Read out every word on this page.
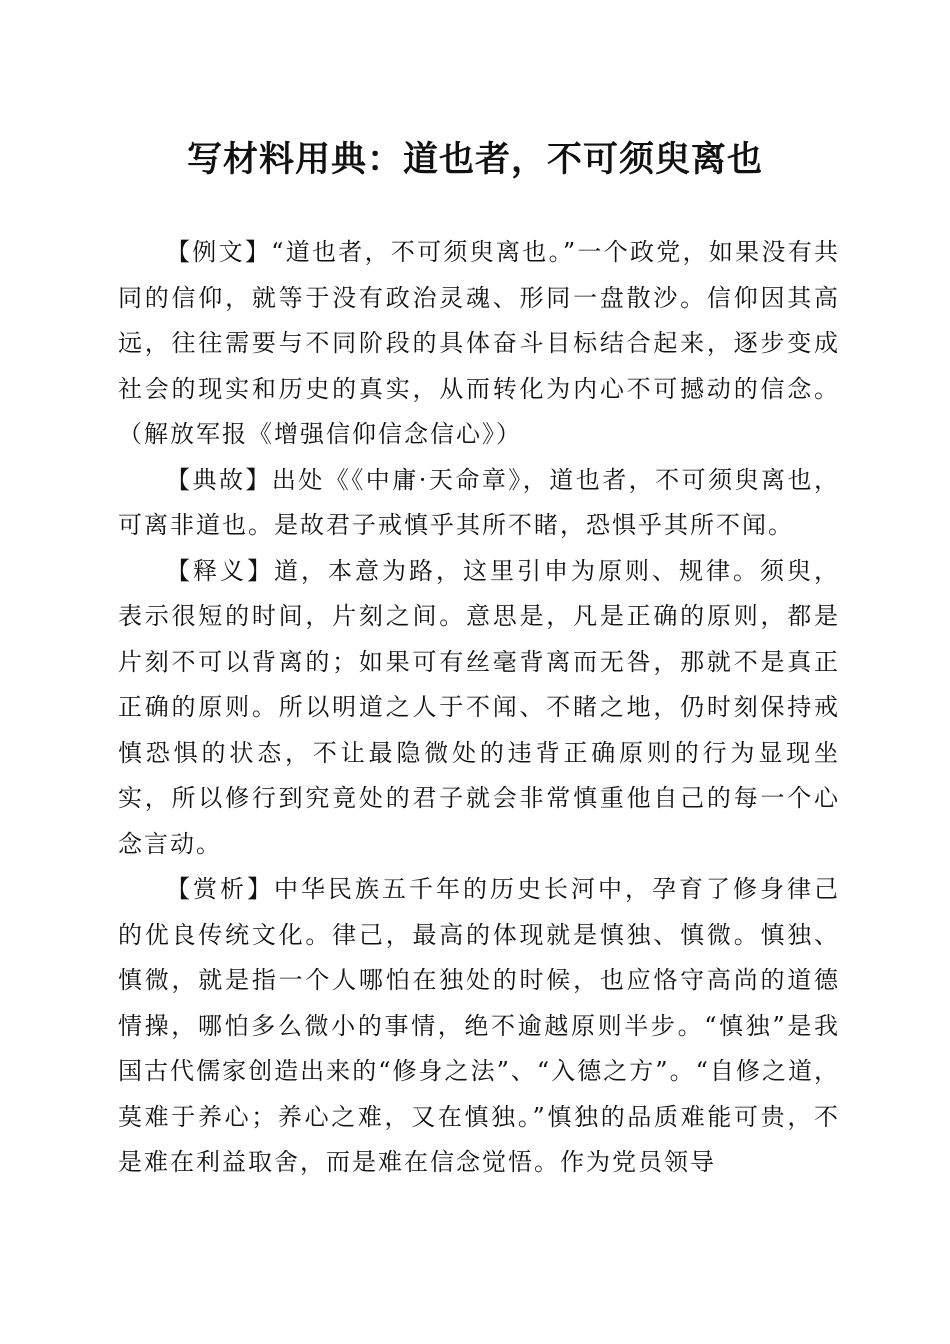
写材料用典：道也者，不可须臾离也

【例文】“道也者，不可须臾离也。”一个政党，如果没有共同的信仰，就等于没有政治灵魂、形同一盘散沙。信仰因其高远，往往需要与不同阶段的具体奋斗目标结合起来，逐步变成社会的现实和历史的真实，从而转化为内心不可撼动的信念。（解放军报《增强信仰信念信心》）

【典故】出处《《中庸·天命章》，道也者，不可须臾离也，可离非道也。是故君子戒慎乎其所不睹，恐惧乎其所不闻。

【释义】道，本意为路，这里引申为原则、规律。须臾，表示很短的时间，片刻之间。意思是，凡是正确的原则，都是片刻不可以背离的；如果可有丝毫背离而无咎，那就不是真正正确的原则。所以明道之人于不闻、不睹之地，仍时刻保持戒慎恐惧的状态，不让最隐微处的违背正确原则的行为显现坐实，所以修行到究竟处的君子就会非常慎重他自己的每一个心念言动。

【赏析】中华民族五千年的历史长河中，孕育了修身律己的优良传统文化。律己，最高的体现就是慎独、慎微。慎独、慎微，就是指一个人哪怕在独处的时候，也应恪守高尚的道德情操，哪怕多么微小的事情，绝不逾越原则半步。“慎独”是我国古代儒家创造出来的“修身之法”、“入德之方”。“自修之道，莫难于养心；养心之难，又在慎独。”慎独的品质难能可贵，不是难在利益取舍，而是难在信念觉悟。作为党员领导
